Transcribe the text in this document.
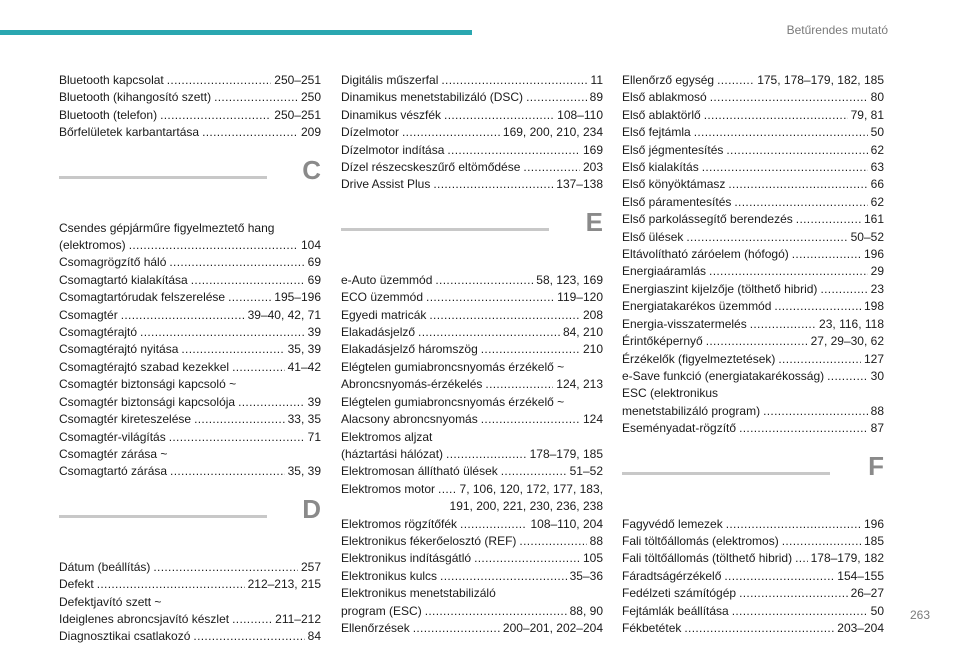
Betűrendes mutató
Bluetooth kapcsolat . . .	250–251
Bluetooth (kihangosító szett) . . .	250
Bluetooth (telefon) . . .	250–251
Bőrfelületek karbantartása . . .	209
C
Csendes gépjárműre figyelmeztető hang
(elektromos) . . .	104
Csomagrögzítő háló . . .	69
Csomagtartó kialakítása . . .	69
Csomagtartórudak felszerelése . . .	195–196
Csomagtér . . .	39–40, 42, 71
Csomagtérajtó . . .	39
Csomagtérajtó nyitása . . .	35, 39
Csomagtérajtó szabad kezekkel . . .	41–42
Csomagtér biztonsági kapcsoló ~
Csomagtér biztonsági kapcsolója . . .	39
Csomagtér kireteszelése . . .	33, 35
Csomagtér-világítás . . .	71
Csomagtér zárása ~
Csomagtartó zárása . . .	35, 39
D
Dátum (beállítás) . . .	257
Defekt . . .	212–213, 215
Defektjavító szett ~
Ideiglenes abroncsjavító készlet . . .	211–212
Diagnosztikai csatlakozó . . .	84
Digitális műszerfal . . .	11
Dinamikus menetstabilizáló (DSC) . . .	89
Dinamikus vészfék . . .	108–110
Dízelmotor . . .	169, 200, 210, 234
Dízelmotor indítása . . .	169
Dízel részecskeszűrő eltömődése . . .	203
Drive Assist Plus . . .	137–138
E
e-Auto üzemmód . . .	58, 123, 169
ECO üzemmód . . .	119–120
Egyedi matricák . . .	208
Elakadásjelző . . .	84, 210
Elakadásjelző háromszög . . .	210
Elégtelen gumiabroncsnyomás érzékelő ~
Abroncsnyomás-érzékelés . . .	124, 213
Elégtelen gumiabroncsnyomás érzékelő ~
Alacsony abroncsnyomás . . .	124
Elektromos aljzat
(háztartási hálózat) . . .	178–179, 185
Elektromosan állítható ülések . . .	51–52
Elektromos motor . . . 7, 106, 120, 172, 177, 183,
191, 200, 221, 230, 236, 238
Elektromos rögzítőfék . . .	108–110, 204
Elektronikus fékerőelosztó (REF) . . .	88
Elektronikus indításgátló . . .	105
Elektronikus kulcs . . .	35–36
Elektronikus menetstabilizáló
program (ESC) . . .	88, 90
Ellenőrzések . . .	200–201, 202–204
Ellenőrző egység . . .	175, 178–179, 182, 185
Első ablakmosó . . .	80
Első ablaktörlő . . .	79, 81
Első fejtámla . . .	50
Első jégmentesítés . . .	62
Első kialakítás . . .	63
Első könyöktámasz . . .	66
Első páramentesítés . . .	62
Első parkolássegítő berendezés . . .	161
Első ülések . . .	50–52
Eltávolítható záróelem (hófogó) . . .	196
Energiaáramlás . . .	29
Energiaszint kijelzője (tölthető hibrid) . . .	23
Energiatakarékos üzemmód . . .	198
Energia-visszatermelés . . .	23, 116, 118
Érintőképernyő . . .	27, 29–30, 62
Érzékelők (figyelmeztetések) . . .	127
e-Save funkció (energiatakarékosság) . . .	30
ESC (elektronikus
menetstabilizáló program) . . .	88
Eseményadat-rögzítő . . .	87
F
Fagyvédő lemezek . . .	196
Fali töltőállomás (elektromos) . . .	185
Fali töltőállomás (tölthető hibrid) . . . 178–179, 182
Fáradtságérzékelő . . .	154–155
Fedélzeti számítógép . . .	26–27
Fejtámlák beállítása . . .	50
Fékbetétek . . .	203–204
263
